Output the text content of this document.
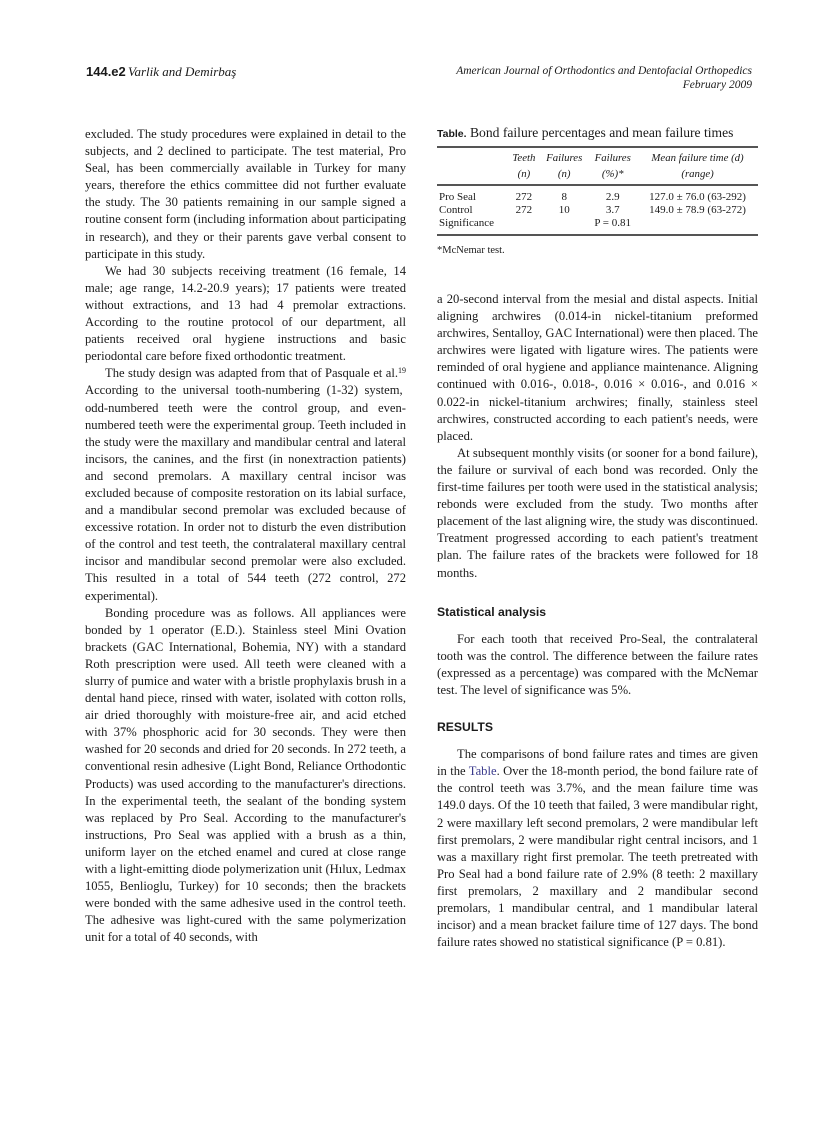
144.e2 Varlik and Demirbaş	American Journal of Orthodontics and Dentofacial Orthopedics
February 2009

excluded. The study procedures were explained in detail to the subjects, and 2 declined to participate. The test material, Pro Seal, has been commercially available in Turkey for many years, therefore the ethics committee did not further evaluate the study. The 30 patients remaining in our sample signed a routine consent form (including information about participating in research), and they or their parents gave verbal consent to participate in this study.

We had 30 subjects receiving treatment (16 female, 14 male; age range, 14.2-20.9 years); 17 patients were treated without extractions, and 13 had 4 premolar extractions. According to the routine protocol of our department, all patients received oral hygiene instructions and basic periodontal care before fixed orthodontic treatment.

The study design was adapted from that of Pasquale et al.$^{19}$ According to the universal tooth-numbering (1-32) system, odd-numbered teeth were the control group, and even-numbered teeth were the experimental group. Teeth included in the study were the maxillary and mandibular central and lateral incisors, the canines, and the first (in nonextraction patients) and second premolars. A maxillary central incisor was excluded because of composite restoration on its labial surface, and a mandibular second premolar was excluded because of excessive rotation. In order not to disturb the even distribution of the control and test teeth, the contralateral maxillary central incisor and mandibular second premolar were also excluded. This resulted in a total of 544 teeth (272 control, 272 experimental).

Bonding procedure was as follows. All appliances were bonded by 1 operator (E.D.). Stainless steel Mini Ovation brackets (GAC International, Bohemia, NY) with a standard Roth prescription were used. All teeth were cleaned with a slurry of pumice and water with a bristle prophylaxis brush in a dental hand piece, rinsed with water, isolated with cotton rolls, air dried thoroughly with moisture-free air, and acid etched with 37% phosphoric acid for 30 seconds. They were then washed for 20 seconds and dried for 20 seconds. In 272 teeth, a conventional resin adhesive (Light Bond, Reliance Orthodontic Products) was used according to the manufacturer's directions. In the experimental teeth, the sealant of the bonding system was replaced by Pro Seal. According to the manufacturer's instructions, Pro Seal was applied with a brush as a thin, uniform layer on the etched enamel and cured at close range with a light-emitting diode polymerization unit (Hılux, Ledmax 1055, Benlioglu, Turkey) for 10 seconds; then the brackets were bonded with the same adhesive used in the control teeth. The adhesive was light-cured with the same polymerization unit for a total of 40 seconds, with

Table. Bond failure percentages and mean failure times
	Teeth	Failures	Failures	Mean failure time (d)
	(n)	(n)	(%)*	(range)
Pro Seal	272	8	2.9	127.0 ± 76.0 (63-292)
Control	272	10	3.7	149.0 ± 78.9 (63-272)
Significance			P = 0.81	
*McNemar test.

a 20-second interval from the mesial and distal aspects. Initial aligning archwires (0.014-in nickel-titanium preformed archwires, Sentalloy, GAC International) were then placed. The archwires were ligated with ligature wires. The patients were reminded of oral hygiene and appliance maintenance. Aligning continued with 0.016-, 0.018-, 0.016 × 0.016-, and 0.016 × 0.022-in nickel-titanium archwires; finally, stainless steel archwires, constructed according to each patient's needs, were placed.

At subsequent monthly visits (or sooner for a bond failure), the failure or survival of each bond was recorded. Only the first-time failures per tooth were used in the statistical analysis; rebonds were excluded from the study. Two months after placement of the last aligning wire, the study was discontinued. Treatment progressed according to each patient's treatment plan. The failure rates of the brackets were followed for 18 months.

Statistical analysis

For each tooth that received Pro-Seal, the contralateral tooth was the control. The difference between the failure rates (expressed as a percentage) was compared with the McNemar test. The level of significance was 5%.

RESULTS

The comparisons of bond failure rates and times are given in the Table. Over the 18-month period, the bond failure rate of the control teeth was 3.7%, and the mean failure time was 149.0 days. Of the 10 teeth that failed, 3 were mandibular right, 2 were maxillary left second premolars, 2 were mandibular left first premolars, 2 were mandibular right central incisors, and 1 was a maxillary right first premolar. The teeth pretreated with Pro Seal had a bond failure rate of 2.9% (8 teeth: 2 maxillary first premolars, 2 maxillary and 2 mandibular second premolars, 1 mandibular central, and 1 mandibular lateral incisor) and a mean bracket failure time of 127 days. The bond failure rates showed no statistical significance (P = 0.81).
